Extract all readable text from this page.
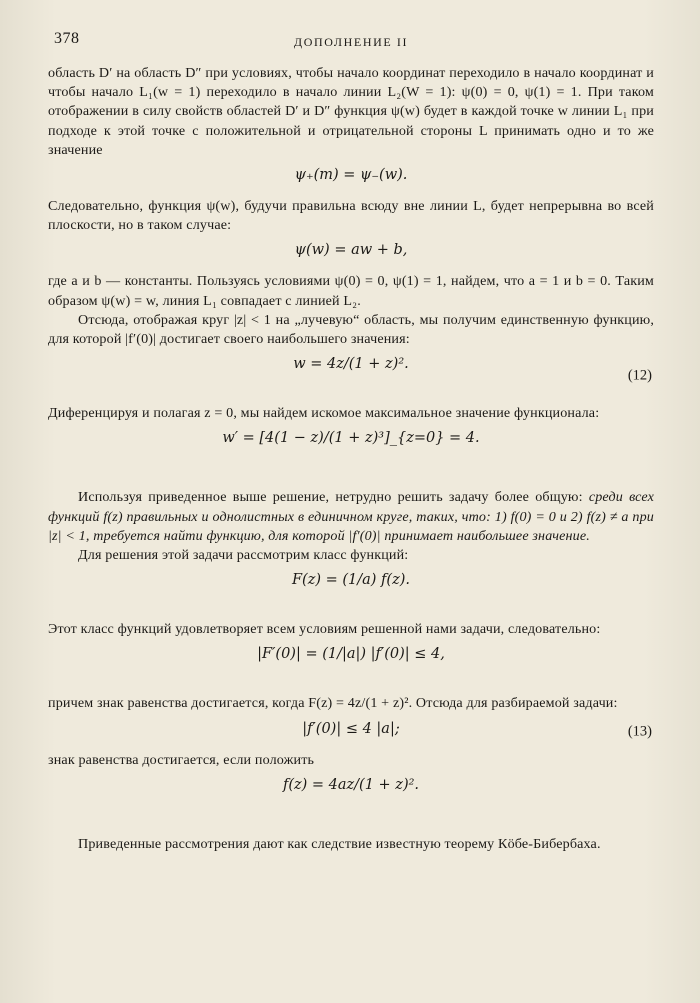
378	ДОПОЛНЕНИЕ II

область D′ на область D″ при условиях, чтобы начало координат переходило в начало координат и чтобы начало L₁(w = 1) переходило в начало линии L₂(W = 1): ψ(0) = 0, ψ(1) = 1. При таком отображении в силу свойств областей D′ и D″ функция ψ(w) будет в каждой точке w линии L₁ при подходе к этой точке с положительной и отрицательной стороны L принимать одно и то же значение

ψ₊(m) = ψ₋(w).

Следовательно, функция ψ(w), будучи правильна всюду вне линии L, будет непрерывна во всей плоскости, но в таком случае:

ψ(w) = aw + b,

где a и b — константы. Пользуясь условиями ψ(0) = 0, ψ(1) = 1, найдем, что a = 1 и b = 0. Таким образом ψ(w) = w, линия L₁ совпадает с линией L₂.

Отсюда, отображая круг |z| < 1 на „лучевую“ область, мы получим единственную функцию, для которой |f′(0)| достигает своего наибольшего значения:

w = 4z/(1 + z)².
(12)

Диференцируя и полагая z = 0, мы найдем искомое максимальное значение функционала:

w′ = [4(1 − z)/(1 + z)³]_{z=0} = 4.

Используя приведенное выше решение, нетрудно решить задачу более общую: среди всех функций f(z) правильных и однолистных в единичном круге, таких, что: 1) f(0) = 0 и 2) f(z) ≠ a при |z| < 1, требуется найти функцию, для которой |f′(0)| принимает наибольшее значение.

Для решения этой задачи рассмотрим класс функций:

F(z) = (1/a) f(z).

Этот класс функций удовлетворяет всем условиям решенной нами задачи, следовательно:

|F′(0)| = (1/|a|) |f′(0)| ≤ 4,

причем знак равенства достигается, когда F(z) = 4z/(1 + z)². Отсюда для разбираемой задачи:

|f′(0)| ≤ 4 |a|;	(13)

знак равенства достигается, если положить

f(z) = 4az/(1 + z)².

Приведенные рассмотрения дают как следствие известную теорему Кöбе-Бибербаха.
